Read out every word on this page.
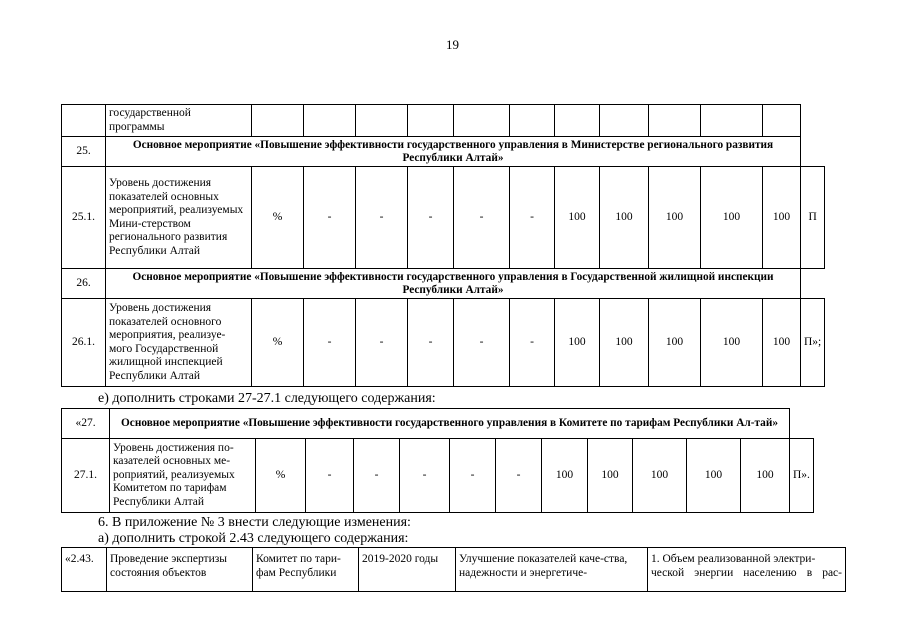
19
	государственной программы												
25.	Основное мероприятие «Повышение эффективности государственного управления в Министерстве регионального развития Республики Алтай»												
25.1.	Уровень достижения показателей основных мероприятий, реализуемых Мини-стерством регионального развития Республики Алтай	%	-	-	-	-	-	100	100	100	100	100	П
26.	Основное мероприятие «Повышение эффективности государственного управления в Государственной жилищной инспекции Республики Алтай»												
26.1.	Уровень достижения показателей основного мероприятия, реализуе-мого Государственной жилищной инспекцией Республики Алтай	%	-	-	-	-	-	100	100	100	100	100	П»;
е) дополнить строками 27-27.1 следующего содержания:
«27.	Основное мероприятие «Повышение эффективности государственного управления в Комитете по тарифам Республики Ал-тай»												
27.1.	Уровень достижения по-казателей основных ме-роприятий, реализуемых Комитетом по тарифам Республики Алтай	%	-	-	-	-	-	100	100	100	100	100	П».
6. В приложение № 3 внести следующие изменения:
а) дополнить строкой 2.43 следующего содержания:
«2.43.	Проведение экспертизы состояния объектов	Комитет по тари-фам Республики	2019-2020 годы	Улучшение показателей каче-ства, надежности и энергетиче-	1. Объем реализованной электри-ческой энергии населению в рас-
